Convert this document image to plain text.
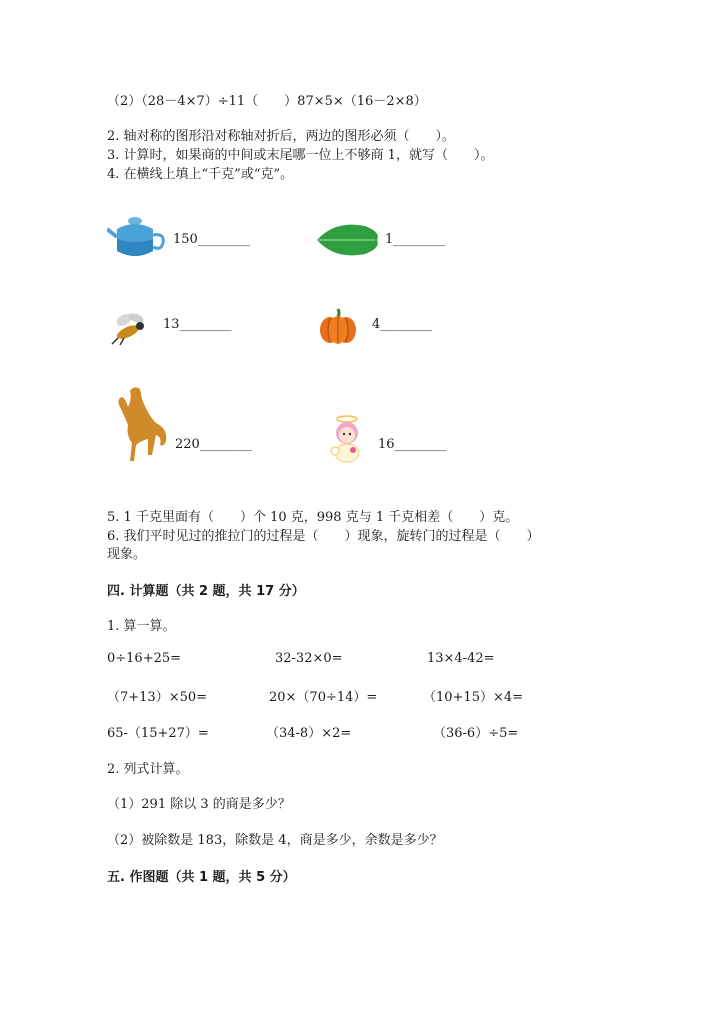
（2）（28－4×7）÷11（　　）87×5×（16－2×8）
2. 轴对称的图形沿对称轴对折后，两边的图形必须（　　）。
3. 计算时，如果商的中间或末尾哪一位上不够商 1，就写（　　）。
4. 在横线上填上“千克”或“克”。
150________	1________
13________	4________
220________	16________
5. 1 千克里面有（　　）个 10 克，998 克与 1 千克相差（　　）克。
6. 我们平时见过的推拉门的过程是（　　）现象，旋转门的过程是（　　）
现象。
四. 计算题（共 2 题，共 17 分）
1. 算一算。
0÷16+25=	32-32×0=	13×4-42=
（7+13）×50=	20×（70÷14）=	（10+15）×4=
65-（15+27）=	（34-8）×2=	（36-6）÷5=
2. 列式计算。
（1）291 除以 3 的商是多少？
（2）被除数是 183，除数是 4，商是多少，余数是多少？
五. 作图题（共 1 题，共 5 分）
